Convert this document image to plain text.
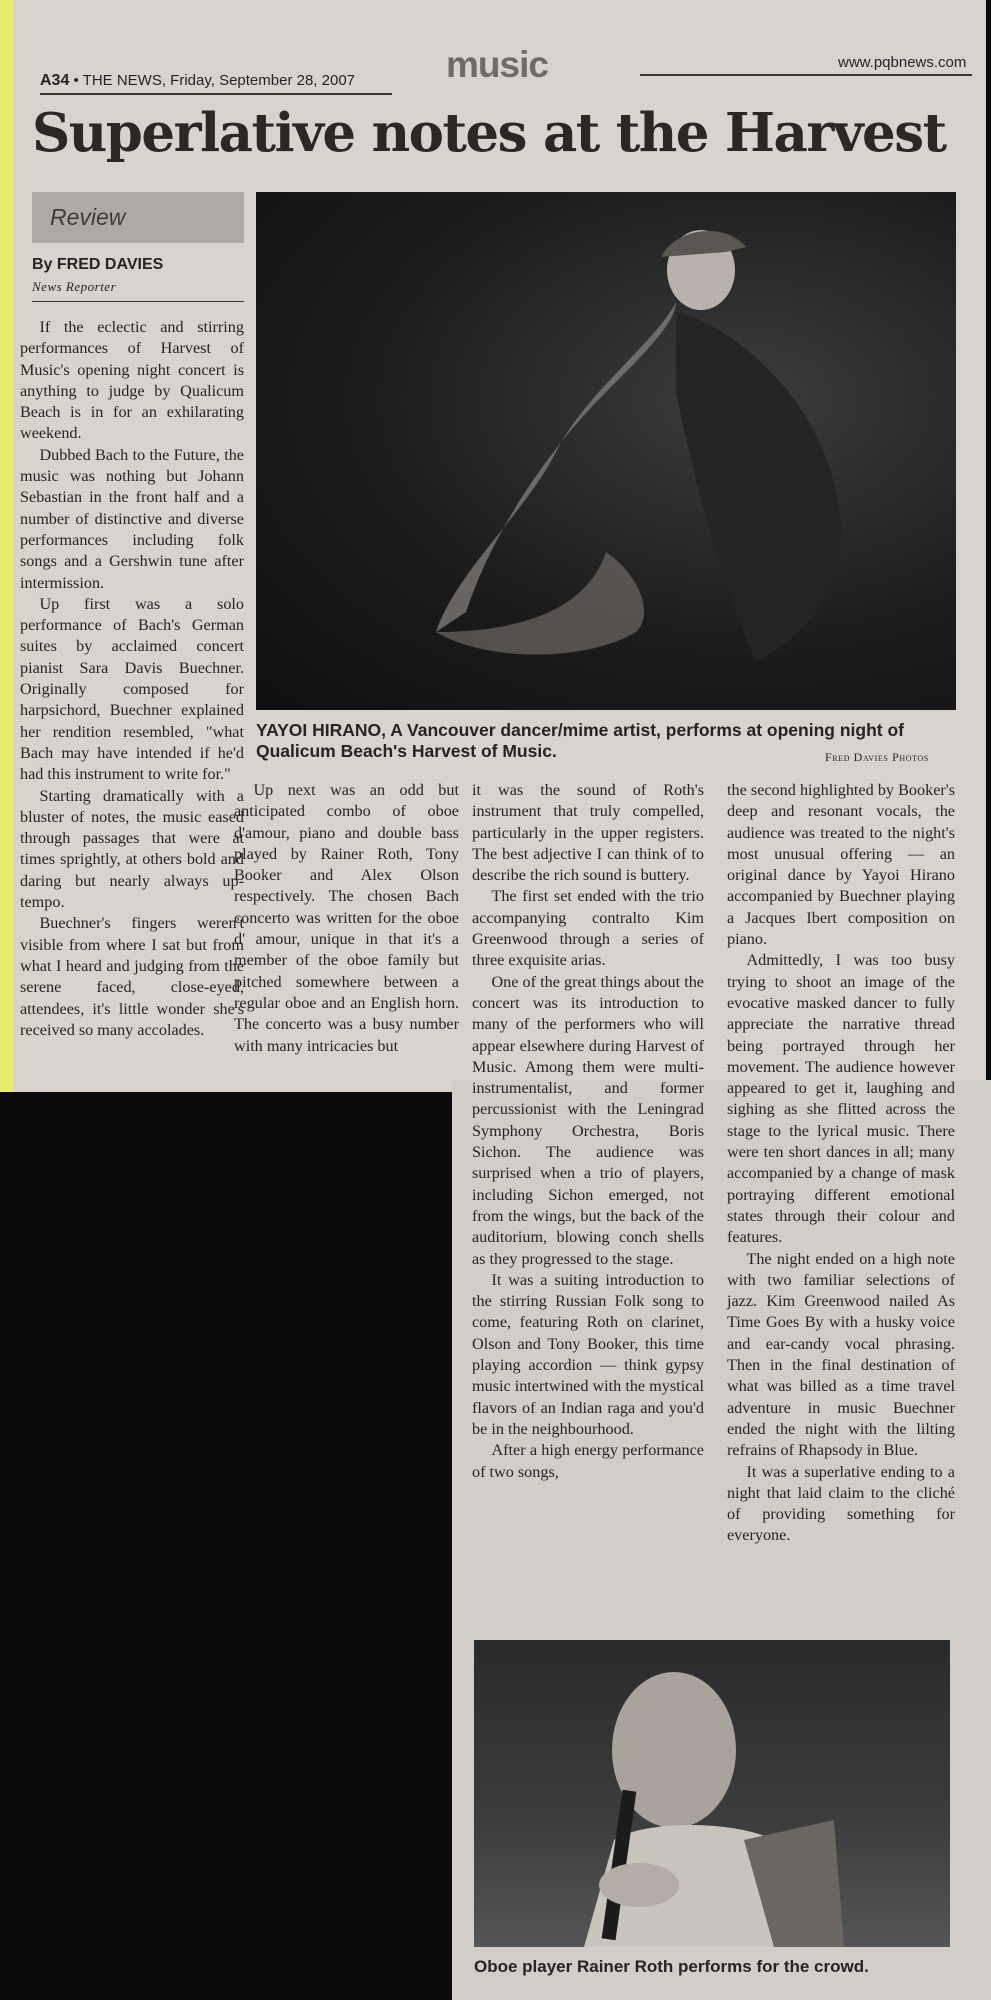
A34 • THE NEWS, Friday, September 28, 2007	music	www.pqbnews.com
Superlative notes at the Harvest
Review
By FRED DAVIES
News Reporter
YAYOI HIRANO, A Vancouver dancer/mime artist, performs at opening night of Qualicum Beach's Harvest of Music.	Fred Davies Photos

If the eclectic and stirring performances of Harvest of Music's opening night concert is anything to judge by Qualicum Beach is in for an exhilarating weekend.

Dubbed Bach to the Future, the music was nothing but Johann Sebastian in the front half and a number of distinctive and diverse performances including folk songs and a Gershwin tune after intermission.

Up first was a solo performance of Bach's German suites by acclaimed concert pianist Sara Davis Buechner. Originally composed for harpsichord, Buechner explained her rendition resembled, "what Bach may have intended if he'd had this instrument to write for."

Starting dramatically with a bluster of notes, the music eased through passages that were at times sprightly, at others bold and daring but nearly always up-tempo.

Buechner's fingers weren't visible from where I sat but from what I heard and judging from the serene faced, close-eyed, attendees, it's little wonder she's received so many accolades.

Up next was an odd but anticipated combo of oboe d'amour, piano and double bass played by Rainer Roth, Tony Booker and Alex Olson respectively. The chosen Bach concerto was written for the oboe d' amour, unique in that it's a member of the oboe family but pitched somewhere between a regular oboe and an English horn. The concerto was a busy number with many intricacies but

it was the sound of Roth's instrument that truly compelled, particularly in the upper registers. The best adjective I can think of to describe the rich sound is buttery.

The first set ended with the trio accompanying contralto Kim Greenwood through a series of three exquisite arias.

One of the great things about the concert was its introduction to many of the performers who will appear elsewhere during Harvest of Music. Among them were multi-instrumentalist, and former percussionist with the Leningrad Symphony Orchestra, Boris Sichon. The audience was surprised when a trio of players, including Sichon emerged, not from the wings, but the back of the auditorium, blowing conch shells as they progressed to the stage.

It was a suiting introduction to the stirring Russian Folk song to come, featuring Roth on clarinet, Olson and Tony Booker, this time playing accordion — think gypsy music intertwined with the mystical flavors of an Indian raga and you'd be in the neighbourhood.

After a high energy performance of two songs,

the second highlighted by Booker's deep and resonant vocals, the audience was treated to the night's most unusual offering — an original dance by Yayoi Hirano accompanied by Buechner playing a Jacques Ibert composition on piano.

Admittedly, I was too busy trying to shoot an image of the evocative masked dancer to fully appreciate the narrative thread being portrayed through her movement. The audience however appeared to get it, laughing and sighing as she flitted across the stage to the lyrical music. There were ten short dances in all; many accompanied by a change of mask portraying different emotional states through their colour and features.

The night ended on a high note with two familiar selections of jazz. Kim Greenwood nailed As Time Goes By with a husky voice and ear-candy vocal phrasing. Then in the final destination of what was billed as a time travel adventure in music Buechner ended the night with the lilting refrains of Rhapsody in Blue.

It was a superlative ending to a night that laid claim to the cliché of providing something for everyone.

Oboe player Rainer Roth performs for the crowd.
